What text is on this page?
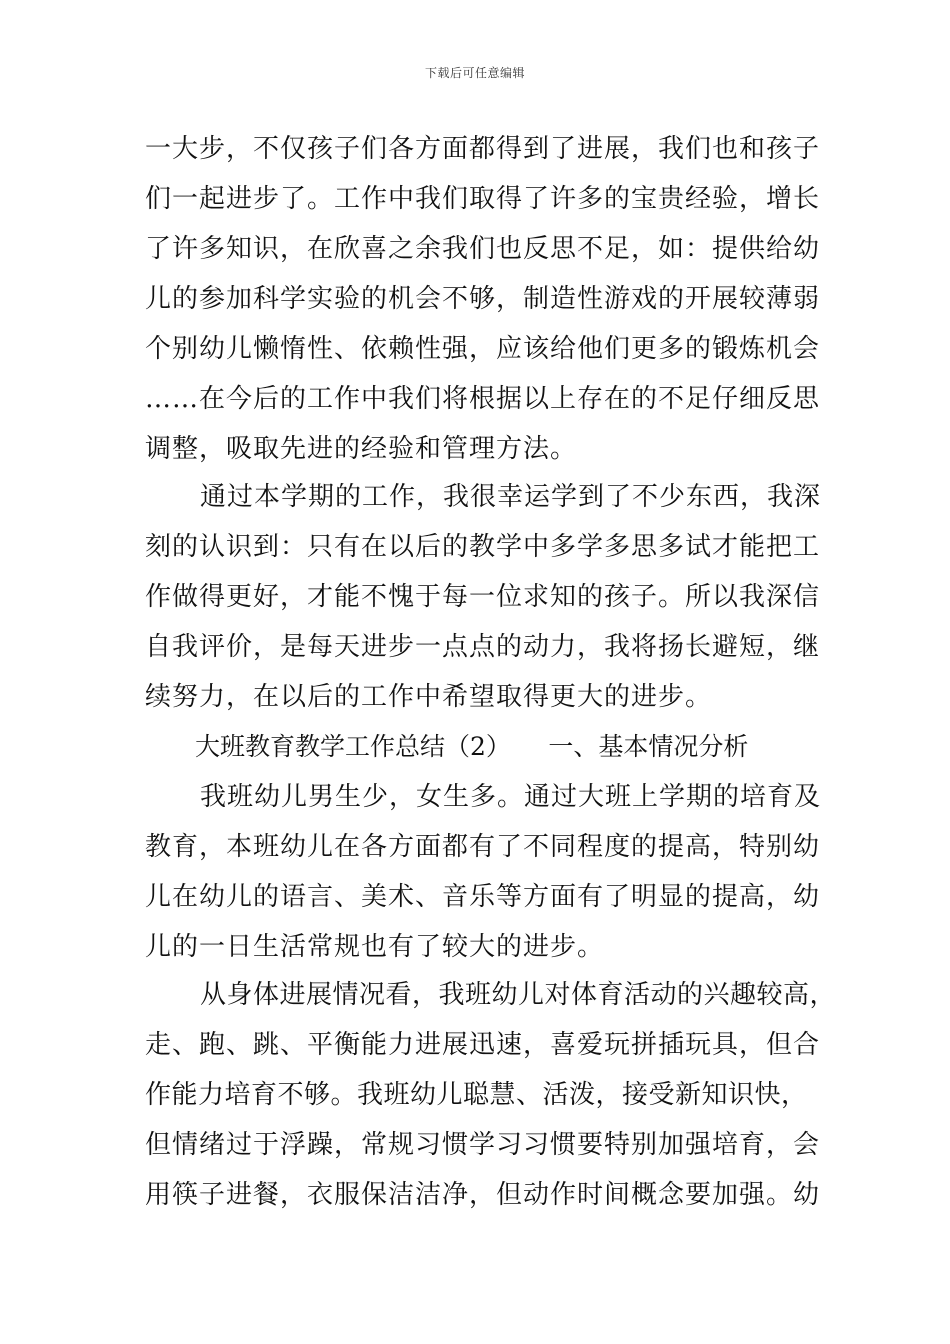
下载后可任意编辑
一大步，不仅孩子们各方面都得到了进展，我们也和孩子
们一起进步了。工作中我们取得了许多的宝贵经验，增长
了许多知识，在欣喜之余我们也反思不足，如：提供给幼
儿的参加科学实验的机会不够，制造性游戏的开展较薄弱
个别幼儿懒惰性、依赖性强，应该给他们更多的锻炼机会
……在今后的工作中我们将根据以上存在的不足仔细反思
调整，吸取先进的经验和管理方法。
通过本学期的工作，我很幸运学到了不少东西，我深
刻的认识到：只有在以后的教学中多学多思多试才能把工
作做得更好，才能不愧于每一位求知的孩子。所以我深信
自我评价，是每天进步一点点的动力，我将扬长避短，继
续努力，在以后的工作中希望取得更大的进步。
大班教育教学工作总结（2）　　一、基本情况分析
我班幼儿男生少，女生多。通过大班上学期的培育及
教育，本班幼儿在各方面都有了不同程度的提高，特别幼
儿在幼儿的语言、美术、音乐等方面有了明显的提高，幼
儿的一日生活常规也有了较大的进步。
从身体进展情况看，我班幼儿对体育活动的兴趣较高，
走、跑、跳、平衡能力进展迅速，喜爱玩拼插玩具，但合
作能力培育不够。我班幼儿聪慧、活泼，接受新知识快，
但情绪过于浮躁，常规习惯学习习惯要特别加强培育，会
用筷子进餐，衣服保洁洁净，但动作时间概念要加强。幼
